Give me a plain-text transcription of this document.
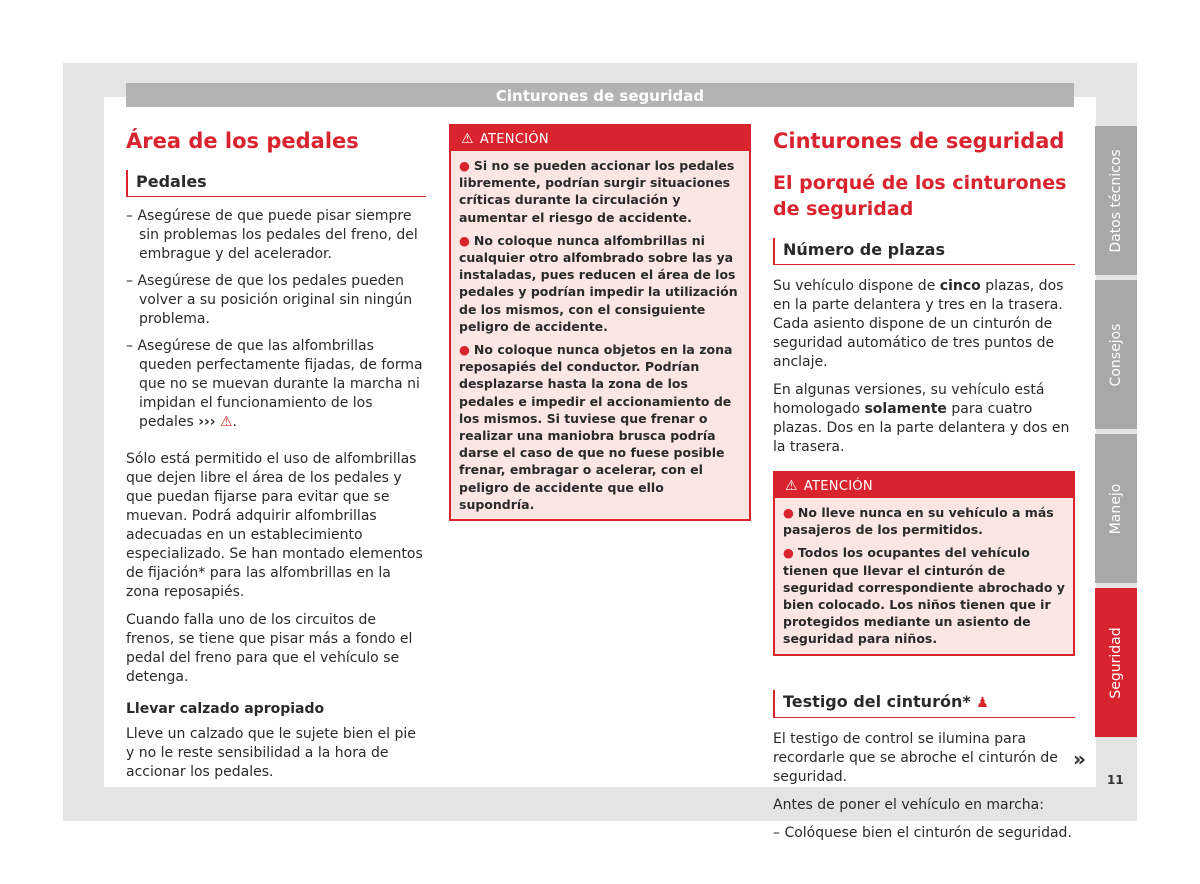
Cinturones de seguridad
Área de los pedales
Pedales
– Asegúrese de que puede pisar siempre sin problemas los pedales del freno, del embrague y del acelerador.
– Asegúrese de que los pedales pueden volver a su posición original sin ningún problema.
– Asegúrese de que las alfombrillas queden perfectamente fijadas, de forma que no se muevan durante la marcha ni impidan el funcionamiento de los pedales ››› ⚠.

Sólo está permitido el uso de alfombrillas que dejen libre el área de los pedales y que puedan fijarse para evitar que se muevan. Podrá adquirir alfombrillas adecuadas en un establecimiento especializado. Se han montado elementos de fijación* para las alfombrillas en la zona reposapiés.

Cuando falla uno de los circuitos de frenos, se tiene que pisar más a fondo el pedal del freno para que el vehículo se detenga.

Llevar calzado apropiado

Lleve un calzado que le sujete bien el pie y no le reste sensibilidad a la hora de accionar los pedales.

⚠ ATENCIÓN
● Si no se pueden accionar los pedales libremente, podrían surgir situaciones críticas durante la circulación y aumentar el riesgo de accidente.
● No coloque nunca alfombrillas ni cualquier otro alfombrado sobre las ya instaladas, pues reducen el área de los pedales y podrían impedir la utilización de los mismos, con el consiguiente peligro de accidente.
● No coloque nunca objetos en la zona reposapiés del conductor. Podrían desplazarse hasta la zona de los pedales e impedir el accionamiento de los mismos. Si tuviese que frenar o realizar una maniobra brusca podría darse el caso de que no fuese posible frenar, embragar o acelerar, con el peligro de accidente que ello supondría.
Cinturones de seguridad
El porqué de los cinturones de seguridad
Número de plazas

Su vehículo dispone de cinco plazas, dos en la parte delantera y tres en la trasera. Cada asiento dispone de un cinturón de seguridad automático de tres puntos de anclaje.

En algunas versiones, su vehículo está homologado solamente para cuatro plazas. Dos en la parte delantera y dos en la trasera.

⚠ ATENCIÓN
● No lleve nunca en su vehículo a más pasajeros de los permitidos.
● Todos los ocupantes del vehículo tienen que llevar el cinturón de seguridad correspondiente abrochado y bien colocado. Los niños tienen que ir protegidos mediante un asiento de seguridad para niños.
Testigo del cinturón* ♟

El testigo de control se ilumina para recordarle que se abroche el cinturón de seguridad.

Antes de poner el vehículo en marcha:

– Colóquese bien el cinturón de seguridad.
»
Datos técnicos
Consejos
Manejo
Seguridad
11
